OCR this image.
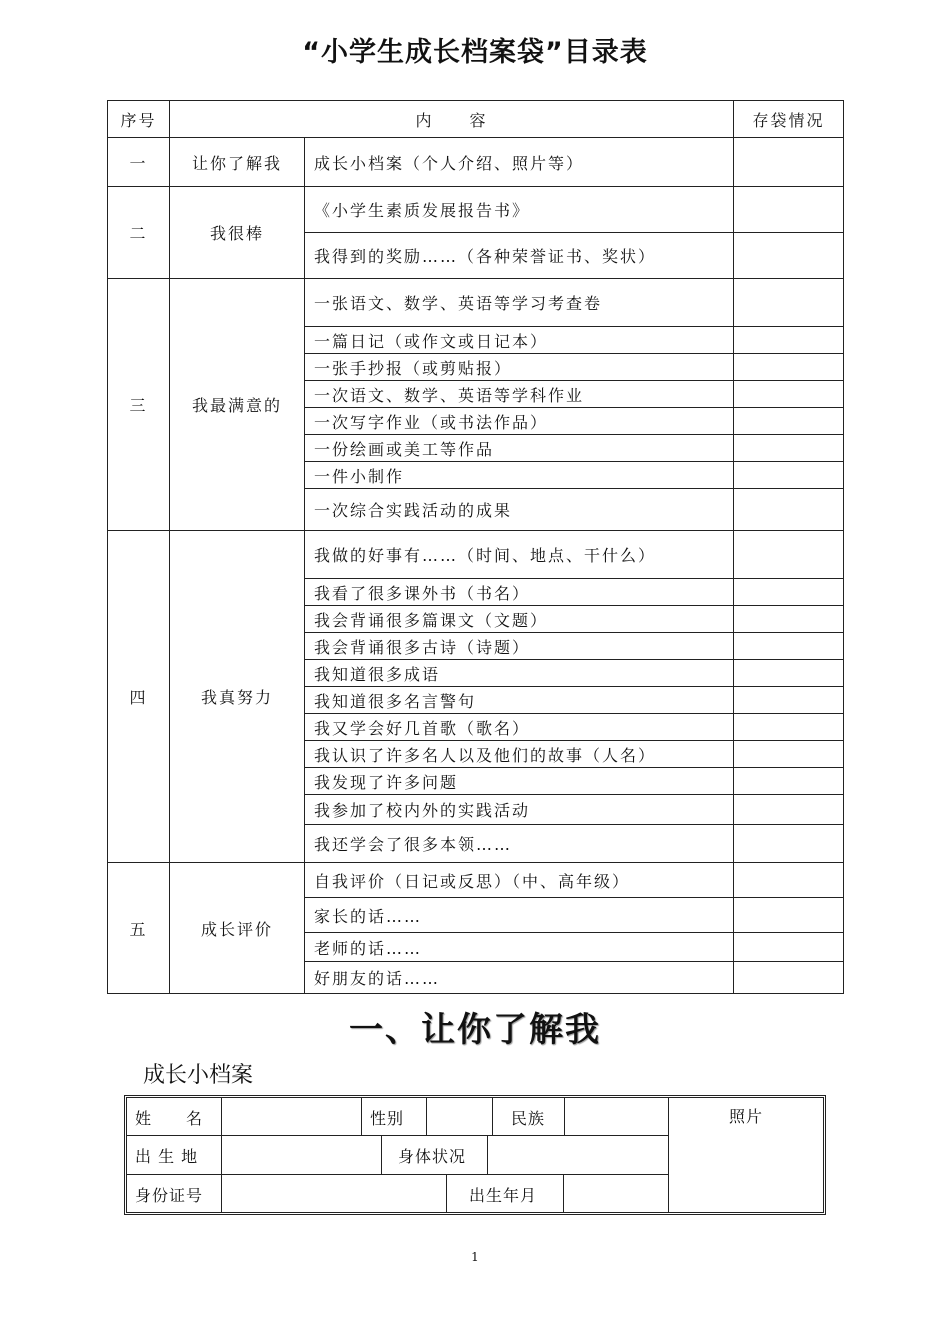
“小学生成长档案袋”目录表
序号	内　　容		存袋情况
一	让你了解我	成长小档案（个人介绍、照片等）	
二	我很棒	《小学生素质发展报告书》	
		我得到的奖励……（各种荣誉证书、奖状）	
三	我最满意的	一张语文、数学、英语等学习考查卷	
		一篇日记（或作文或日记本）	
		一张手抄报（或剪贴报）	
		一次语文、数学、英语等学科作业	
		一次写字作业（或书法作品）	
		一份绘画或美工等作品	
		一件小制作	
		一次综合实践活动的成果	
四	我真努力	我做的好事有……（时间、地点、干什么）	
		我看了很多课外书（书名）	
		我会背诵很多篇课文（文题）	
		我会背诵很多古诗（诗题）	
		我知道很多成语	
		我知道很多名言警句	
		我又学会好几首歌（歌名）	
		我认识了许多名人以及他们的故事（人名）	
		我发现了许多问题	
		我参加了校内外的实践活动	
		我还学会了很多本领……	
五	成长评价	自我评价（日记或反思）（中、高年级）	
		家长的话……	
		老师的话……	
		好朋友的话……	
一、让你了解我
成长小档案
姓　　名	性别	民族	照片
出 生 地	身体状况
身份证号	出生年月
1
